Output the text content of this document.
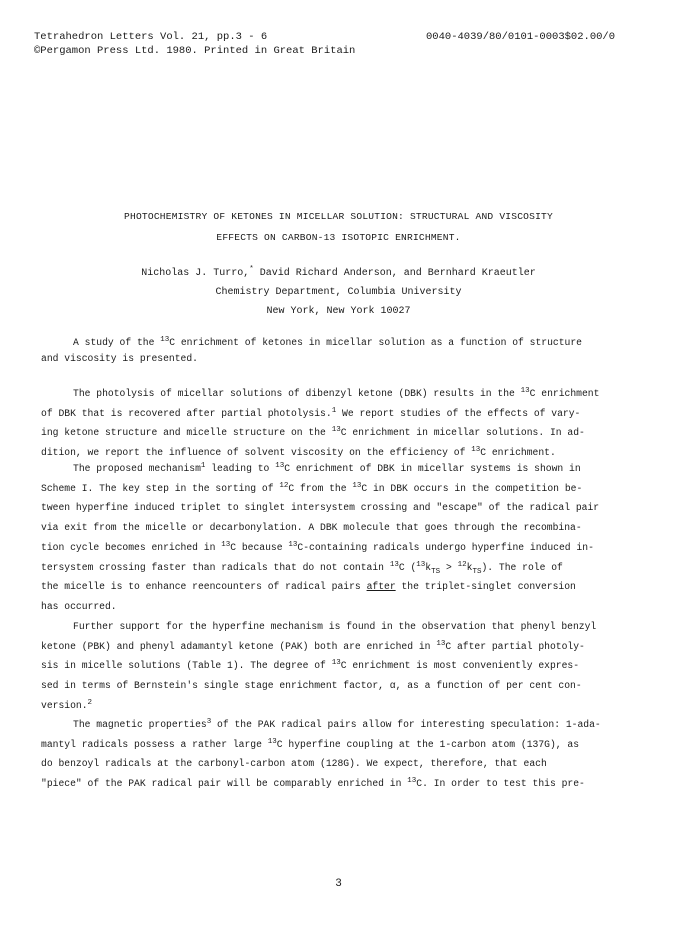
Tetrahedron Letters Vol. 21, pp.3 - 6
©Pergamon Press Ltd. 1980. Printed in Great Britain
0040-4039/80/0101-0003$02.00/0
PHOTOCHEMISTRY OF KETONES IN MICELLAR SOLUTION: STRUCTURAL AND VISCOSITY
EFFECTS ON CARBON-13 ISOTOPIC ENRICHMENT.
Nicholas J. Turro,* David Richard Anderson, and Bernhard Kraeutler
Chemistry Department, Columbia University
New York, New York 10027
A study of the $^{13}$C enrichment of ketones in micellar solution as a function of structure
and viscosity is presented.
The photolysis of micellar solutions of dibenzyl ketone (DBK) results in the $^{13}$C enrichment
of DBK that is recovered after partial photolysis.$^1$ We report studies of the effects of vary-
ing ketone structure and micelle structure on the $^{13}$C enrichment in micellar solutions. In ad-
dition, we report the influence of solvent viscosity on the efficiency of $^{13}$C enrichment.
The proposed mechanism$^1$ leading to $^{13}$C enrichment of DBK in micellar systems is shown in
Scheme I. The key step in the sorting of $^{12}$C from the $^{13}$C in DBK occurs in the competition be-
tween hyperfine induced triplet to singlet intersystem crossing and "escape" of the radical pair
via exit from the micelle or decarbonylation. A DBK molecule that goes through the recombina-
tion cycle becomes enriched in $^{13}$C because $^{13}$C-containing radicals undergo hyperfine induced in-
tersystem crossing faster than radicals that do not contain $^{13}$C $(^{13}k_{TS} > ^{12}k_{TS})$. The role of
the micelle is to enhance reencounters of radical pairs after the triplet-singlet conversion
has occurred.
Further support for the hyperfine mechanism is found in the observation that phenyl benzyl
ketone (PBK) and phenyl adamantyl ketone (PAK) both are enriched in $^{13}$C after partial photoly-
sis in micelle solutions (Table 1). The degree of $^{13}$C enrichment is most conveniently expres-
sed in terms of Bernstein's single stage enrichment factor, α, as a function of per cent con-
version.$^2$
The magnetic properties$^3$ of the PAK radical pairs allow for interesting speculation: 1-ada-
mantyl radicals possess a rather large $^{13}$C hyperfine coupling at the 1-carbon atom (137G), as
do benzoyl radicals at the carbonyl-carbon atom (128G). We expect, therefore, that each
"piece" of the PAK radical pair will be comparably enriched in $^{13}$C. In order to test this pre-
3
